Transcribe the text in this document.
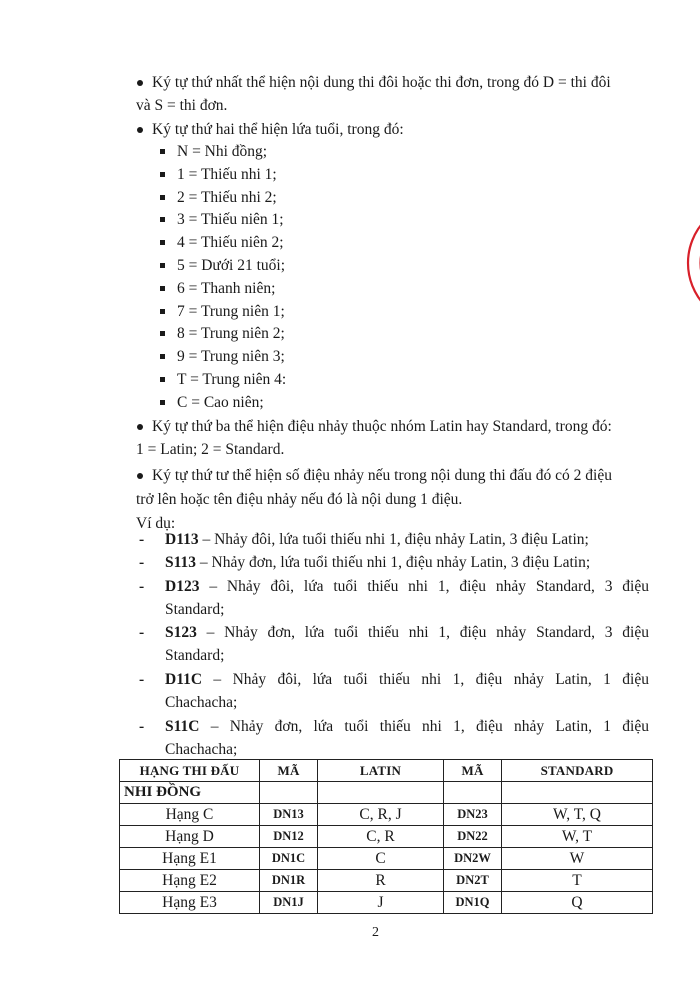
Ký tự thứ nhất thể hiện nội dung thi đôi hoặc thi đơn, trong đó D = thi đôi
và S = thi đơn.
Ký tự thứ hai thể hiện lứa tuổi, trong đó:
N = Nhi đồng;
1 = Thiếu nhi 1;
2 = Thiếu nhi 2;
3 = Thiếu niên 1;
4 = Thiếu niên 2;
5 = Dưới 21 tuổi;
6 = Thanh niên;
7 = Trung niên 1;
8 = Trung niên 2;
9 = Trung niên 3;
T = Trung niên 4:
C = Cao niên;
Ký tự thứ ba thể hiện điệu nhảy thuộc nhóm Latin hay Standard, trong đó:
1 = Latin; 2 = Standard.
Ký tự thứ tư thể hiện số điệu nhảy nếu trong nội dung thi đấu đó có 2 điệu
trở lên hoặc tên điệu nhảy nếu đó là nội dung 1 điệu.
Ví dụ:
- D113 – Nhảy đôi, lứa tuổi thiếu nhi 1, điệu nhảy Latin, 3 điệu Latin;
- S113 – Nhảy đơn, lứa tuổi thiếu nhi 1, điệu nhảy Latin, 3 điệu Latin;
- D123 – Nhảy đôi, lứa tuổi thiếu nhi 1, điệu nhảy Standard, 3 điệu
Standard;
- S123 – Nhảy đơn, lứa tuổi thiếu nhi 1, điệu nhảy Standard, 3 điệu
Standard;
- D11C – Nhảy đôi, lứa tuổi thiếu nhi 1, điệu nhảy Latin, 1 điệu
Chachacha;
- S11C – Nhảy đơn, lứa tuổi thiếu nhi 1, điệu nhảy Latin, 1 điệu
Chachacha;
HẠNG THI ĐẤU	MÃ	LATIN	MÃ	STANDARD
NHI ĐỒNG				
Hạng C	DN13	C, R, J	DN23	W, T, Q
Hạng D	DN12	C, R	DN22	W, T
Hạng E1	DN1C	C	DN2W	W
Hạng E2	DN1R	R	DN2T	T
Hạng E3	DN1J	J	DN1Q	Q
2
